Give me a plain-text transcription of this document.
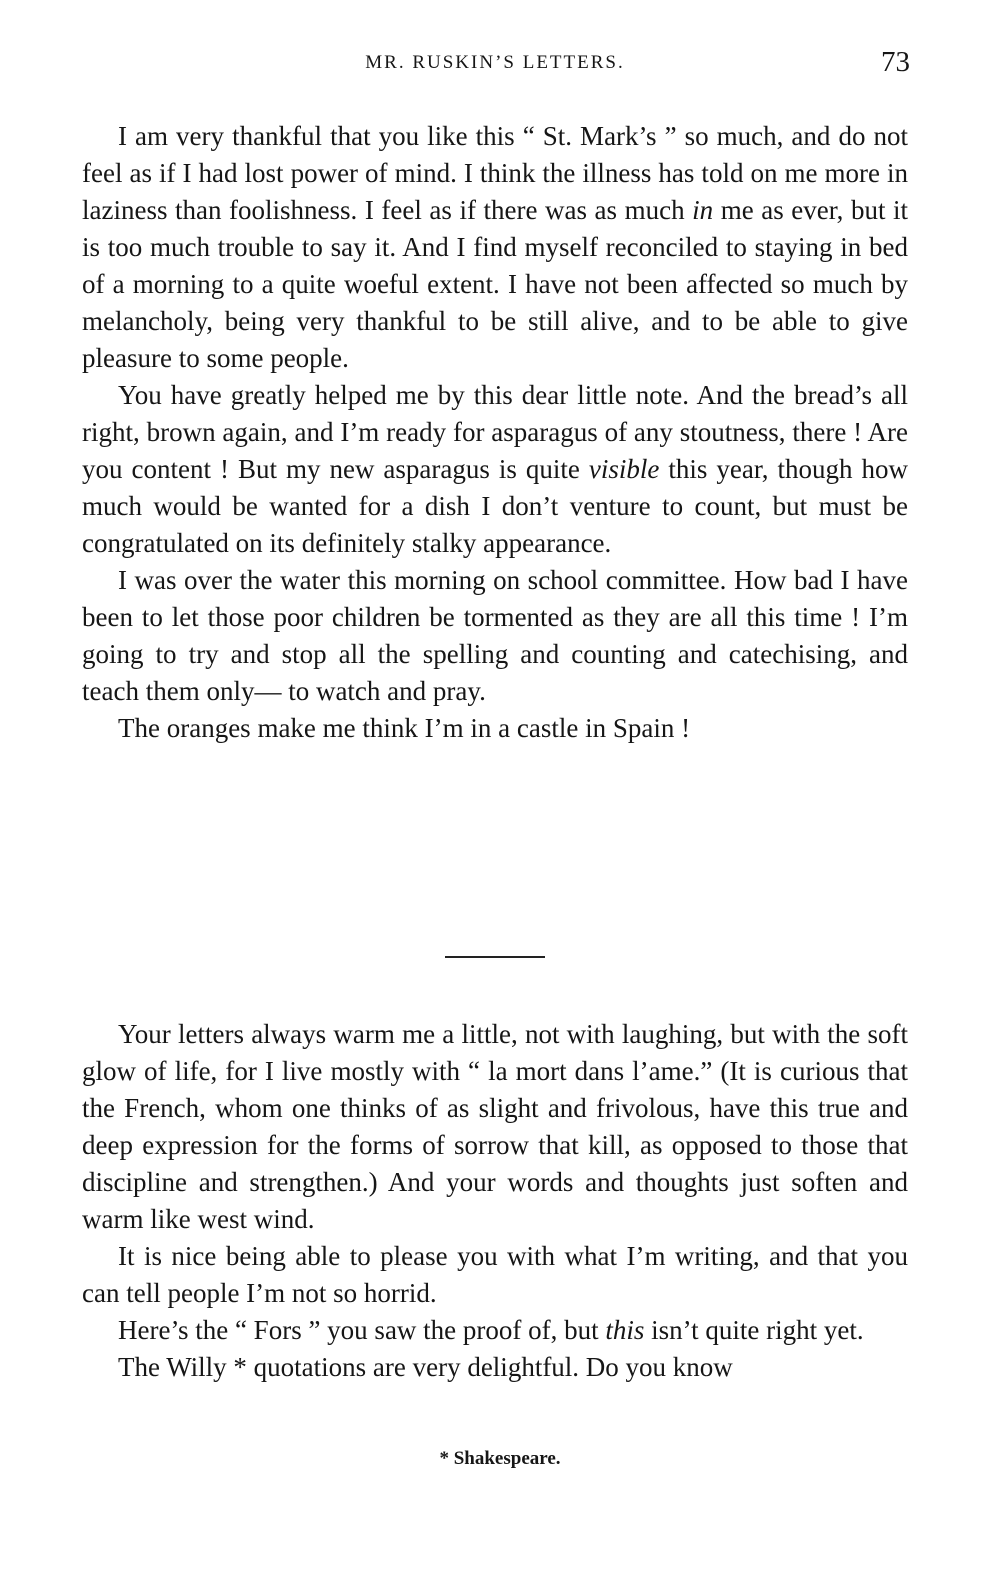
MR. RUSKIN’S LETTERS.	73

I am very thankful that you like this “ St. Mark’s ” so much, and do not feel as if I had lost power of mind. I think the illness has told on me more in laziness than foolishness. I feel as if there was as much in me as ever, but it is too much trouble to say it. And I find myself reconciled to staying in bed of a morning to a quite woeful extent. I have not been affected so much by melancholy, being very thankful to be still alive, and to be able to give pleasure to some people.

You have greatly helped me by this dear little note. And the bread’s all right, brown again, and I’m ready for asparagus of any stoutness, there ! Are you content ! But my new asparagus is quite visible this year, though how much would be wanted for a dish I don’t venture to count, but must be congratulated on its definitely stalky appearance.

I was over the water this morning on school committee. How bad I have been to let those poor children be tormented as they are all this time ! I’m going to try and stop all the spelling and counting and catechising, and teach them only— to watch and pray.

The oranges make me think I’m in a castle in Spain !

Your letters always warm me a little, not with laughing, but with the soft glow of life, for I live mostly with “ la mort dans l’ame.” (It is curious that the French, whom one thinks of as slight and frivolous, have this true and deep expression for the forms of sorrow that kill, as opposed to those that discipline and strengthen.) And your words and thoughts just soften and warm like west wind.

It is nice being able to please you with what I’m writing, and that you can tell people I’m not so horrid.

Here’s the “ Fors ” you saw the proof of, but this isn’t quite right yet.

The Willy * quotations are very delightful. Do you know

* Shakespeare.
